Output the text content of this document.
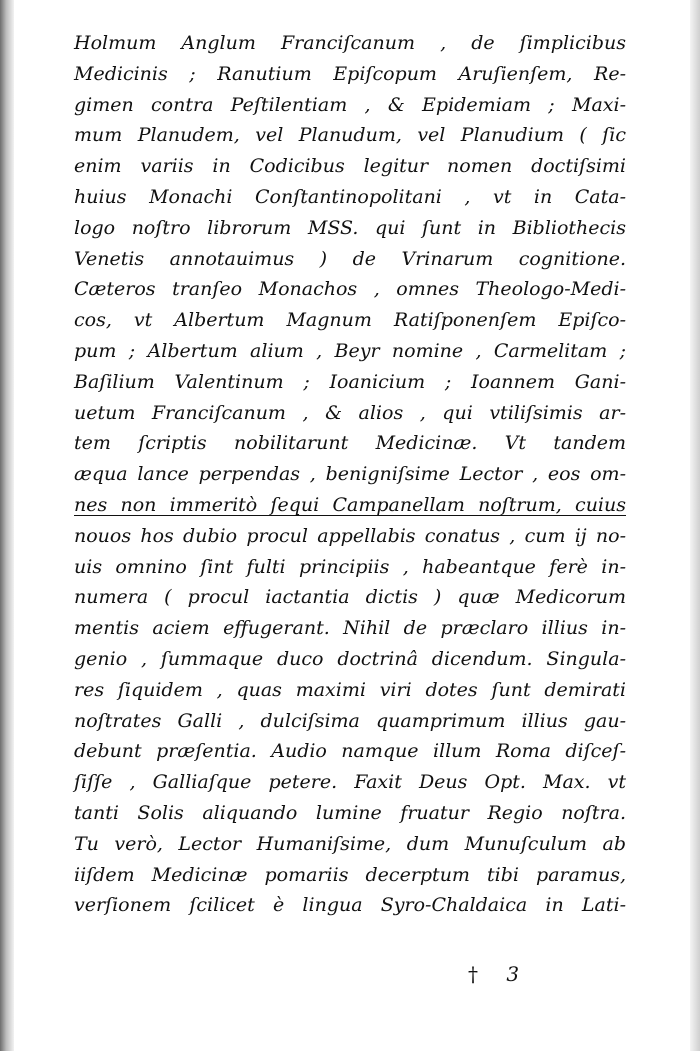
Holmum Anglum Franciſcanum , de ſimplicibus
Medicinis ; Ranutium Epiſcopum Aruſienſem, Re-
gimen contra Peſtilentiam , & Epidemiam ; Maxi-
mum Planudem, vel Planudum, vel Planudium ( ſic
enim variis in Codicibus legitur nomen doctiſsimi
huius Monachi Conſtantinopolitani , vt in Cata-
logo noſtro librorum MSS. qui ſunt in Bibliothecis
Venetis annotauimus ) de Vrinarum cognitione.
Cæteros tranſeo Monachos , omnes Theologo-Medi-
cos, vt Albertum Magnum Ratiſponenſem Epiſco-
pum ; Albertum alium , Beyr nomine , Carmelitam ;
Baſilium Valentinum ; Ioanicium ; Ioannem Gani-
uetum Franciſcanum , & alios , qui vtiliſsimis ar-
tem ſcriptis nobilitarunt Medicinæ. Vt tandem
æqua lance perpendas , benigniſsime Lector , eos om-
nes non immeritò ſequi Campanellam noſtrum, cuius
nouos hos dubio procul appellabis conatus , cum ij no-
uis omnino ſint fulti principiis , habeantque ferè in-
numera ( procul iactantia dictis ) quæ Medicorum
mentis aciem effugerant. Nihil de præclaro illius in-
genio , ſummaque duco doctrinâ dicendum. Singula-
res ſiquidem , quas maximi viri dotes ſunt demirati
noſtrates Galli , dulciſsima quamprimum illius gau-
debunt præſentia. Audio namque illum Roma diſceſ-
ſiſſe , Galliaſque petere. Faxit Deus Opt. Max. vt
tanti Solis aliquando lumine fruatur Regio noſtra.
Tu verò, Lector Humaniſsime, dum Munuſculum ab
iiſdem Medicinæ pomariis decerptum tibi paramus,
verſionem ſcilicet è lingua Syro-Chaldaica in Lati-
† 3
